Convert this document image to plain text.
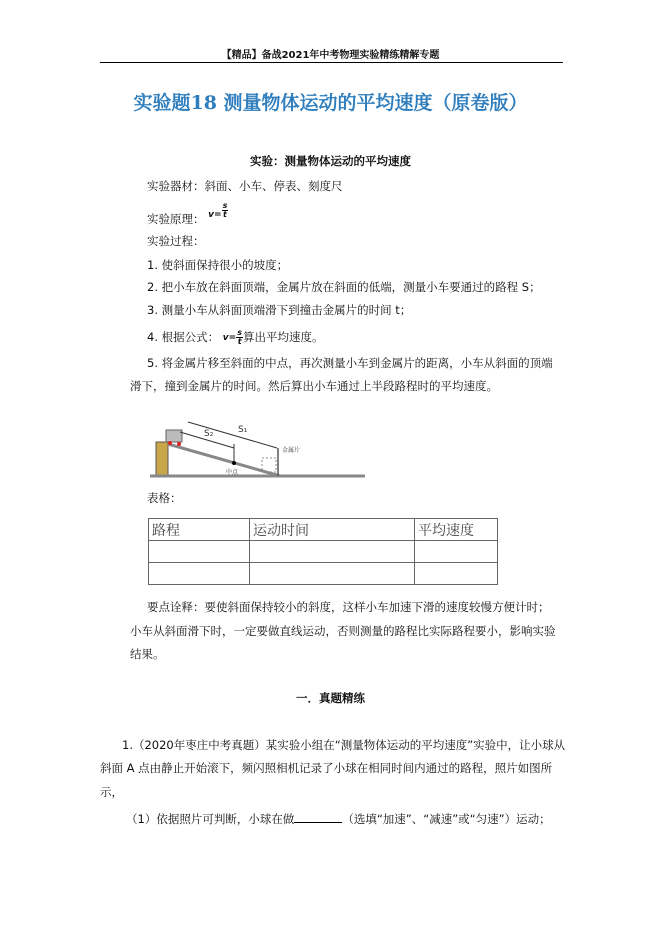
【精品】备战2021年中考物理实验精练精解专题
实验题18 测量物体运动的平均速度（原卷版）
实验：测量物体运动的平均速度
实验器材：斜面、小车、停表、刻度尺
实验原理： $v= \frac{s}{t}$
实验过程：
1. 使斜面保持很小的坡度；
2. 把小车放在斜面顶端，金属片放在斜面的低端，测量小车要通过的路程 S；
3. 测量小车从斜面顶端滑下到撞击金属片的时间 t；
4. 根据公式： $v= \frac{s}{t}$ 算出平均速度。
5. 将金属片移至斜面的中点，再次测量小车到金属片的距离，小车从斜面的顶端
滑下，撞到金属片的时间。然后算出小车通过上半段路程时的平均速度。
S₁
S₂
中点
金属片
表格：
路程	运动时间	平均速度

要点诠释：要使斜面保持较小的斜度，这样小车加速下滑的速度较慢方便计时；
小车从斜面滑下时，一定要做直线运动，否则测量的路程比实际路程要小，影响实验
结果。
一．真题精练
1.（2020年枣庄中考真题）某实验小组在“测量物体运动的平均速度”实验中，让小球从
斜面 A 点由静止开始滚下，频闪照相机记录了小球在相同时间内通过的路程，照片如图所
示，
（1）依据照片可判断，小球在做	（选填“加速”、“减速”或“匀速”）运动；
